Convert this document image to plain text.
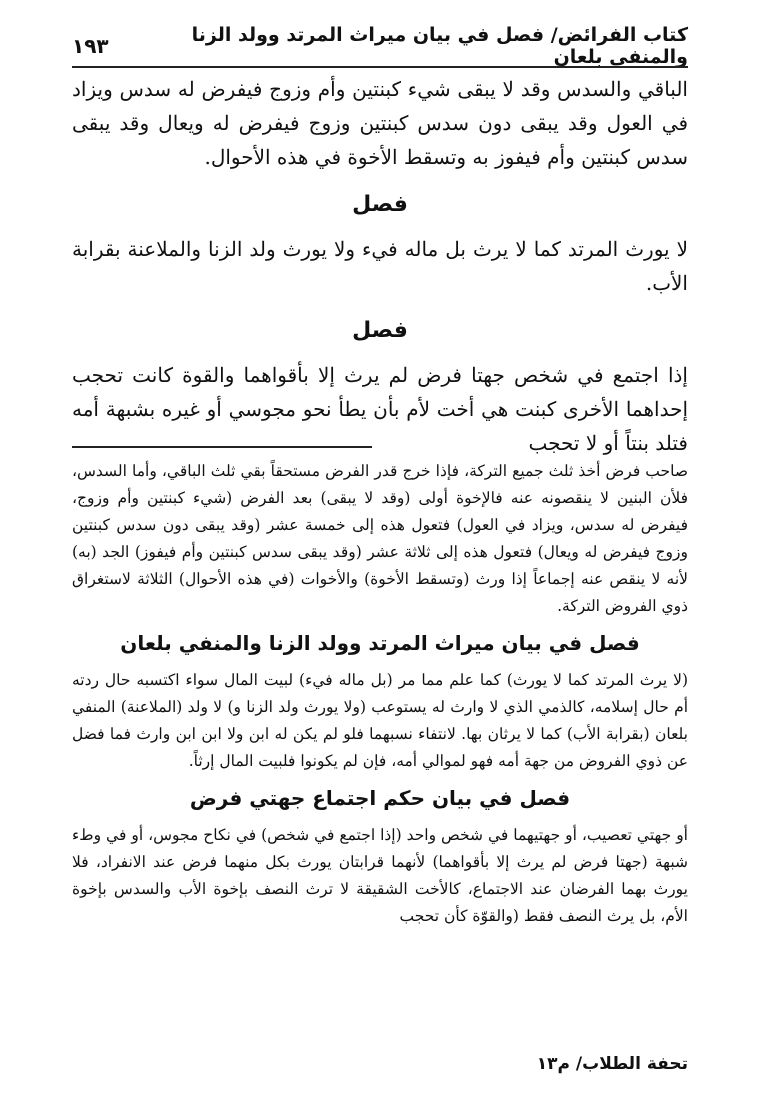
كتاب الفرائض/ فصل في بيان ميراث المرتد وولد الزنا والمنفي بلعان
١٩٣

الباقي والسدس وقد لا يبقى شيء كبنتين وأم وزوج فيفرض له سدس ويزاد في العول وقد يبقى دون سدس كبنتين وزوج فيفرض له ويعال وقد يبقى سدس كبنتين وأم فيفوز به وتسقط الأخوة في هذه الأحوال.

فصل

لا يورث المرتد كما لا يرث بل ماله فيء ولا يورث ولد الزنا والملاعنة بقرابة الأب.

فصل

إذا اجتمع في شخص جهتا فرض لم يرث إلا بأقواهما والقوة كانت تحجب إحداهما الأخرى كبنت هي أخت لأم بأن يطأ نحو مجوسي أو غيره بشبهة أمه فتلد بنتاً أو لا تحجب

صاحب فرض أخذ ثلث جميع التركة، فإذا خرج قدر الفرض مستحقاً بقي ثلث الباقي، وأما السدس، فلأن البنين لا ينقصونه عنه فالإخوة أولى (وقد لا يبقى) بعد الفرض (شيء كبنتين وأم وزوج، فيفرض له سدس، ويزاد في العول) فتعول هذه إلى خمسة عشر (وقد يبقى دون سدس كبنتين وزوج فيفرض له ويعال) فتعول هذه إلى ثلاثة عشر (وقد يبقى سدس كبنتين وأم فيفوز) الجد (به) لأنه لا ينقص عنه إجماعاً إذا ورث (وتسقط الأخوة) والأخوات (في هذه الأحوال) الثلاثة لاستغراق ذوي الفروض التركة.

فصل في بيان ميراث المرتد وولد الزنا والمنفي بلعان

(لا يرث المرتد كما لا يورث) كما علم مما مر (بل ماله فيء) لبيت المال سواء اكتسبه حال ردته أم حال إسلامه، كالذمي الذي لا وارث له يستوعب (ولا يورث ولد الزنا و) لا ولد (الملاعنة) المنفي بلعان (بقرابة الأب) كما لا يرثان بها. لانتفاء نسبهما فلو لم يكن له ابن ولا ابن ابن وارث فما فضل عن ذوي الفروض من جهة أمه فهو لموالي أمه، فإن لم يكونوا فلبيت المال إرثاً.

فصل في بيان حكم اجتماع جهتي فرض

أو جهتي تعصيب، أو جهتيهما في شخص واحد (إذا اجتمع في شخص) في نكاح مجوس، أو في وطء شبهة (جهتا فرض لم يرث إلا بأقواهما) لأنهما قرابتان يورث بكل منهما فرض عند الانفراد، فلا يورث بهما الفرضان عند الاجتماع، كالأخت الشقيقة لا ترث النصف بإخوة الأب والسدس بإخوة الأم، بل يرث النصف فقط (والقوّة كأن تحجب

تحفة الطلاب/ م١٣
